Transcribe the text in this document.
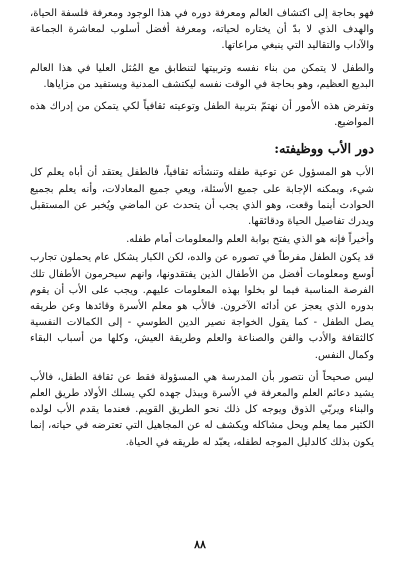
فهو بحاجة إلى اكتشاف العالم ومعرفة دوره في هذا الوجود ومعرفة فلسفة الحياة، والهدف الذي لا بدّ أن يختاره لحياته، ومعرفة أفضل أسلوب لمعاشرة الجماعة والآداب والتقاليد التي ينبغي مراعاتها.

والطفل لا يتمكن من بناء نفسه وتربيتها لتنطابق مع المُثل العليا في هذا العالم البديع العظيم، وهو بحاجة في الوقت نفسه ليكتشف المدنية ويستفيد من مزاياها.

وتفرض هذه الأمور أن نهتمّ بتربية الطفل وتوعيته ثقافياً لكي يتمكن من إدراك هذه المواضيع.

دور الأب ووظيفته:

الأب هو المسؤول عن توعية طفله وتنشأته ثقافياً، فالطفل يعتقد أن أباه يعلم كل شيء، ويمكنه الإجابة على جميع الأسئلة، ويعي جميع المعادلات، وأنه يعلم بجميع الحوادث أينما وقعت، وهو الذي يجب أن يتحدث عن الماضي ويُخبر عن المستقبل ويدرك تفاصيل الحياة ودقائقها.

وأخيراً فإنه هو الذي يفتح بوابة العلم والمعلومات أمام طفله.

قد يكون الطفل مفرطاً في تصوره عن والده، لكن الكبار يشكل عام يحملون تجارب أوسع ومعلومات أفضل من الأطفال الذين يفتقدونها، وانهم سيحرمون الأطفال تلك الفرصة المناسبة فيما لو بخلوا بهذه المعلومات عليهم. ويجب على الأب أن يقوم بدوره الذي يعجز عن أدائه الآخرون. فالأب هو معلم الأسرة وقائدها وعن طريقه يصل الطفل - كما يقول الخواجة نصير الدين الطوسي - إلى الكمالات النفسية كالثقافة والأدب والفن والصناعة والعلم وطريقة العيش، وكلها من أسباب البقاء وكمال النفس.

ليس صحيحاً أن نتصور بأن المدرسة هي المسؤولة فقط عن ثقافة الطفل، فالأب يشيد دعائم العلم والمعرفة في الأسرة ويبذل جهده لكي يسلك الأولاد طريق العلم والبناء ويربّي الذوق ويوجه كل ذلك نحو الطريق القويم. فعندما يقدم الأب لولده الكثير مما يعلم ويحل مشاكله ويكشف له عن المجاهيل التي تعترضه في حياته، إنما يكون بذلك كالدليل الموجه لطفله، يعبّد له طريقه في الحياة.

٨٨
